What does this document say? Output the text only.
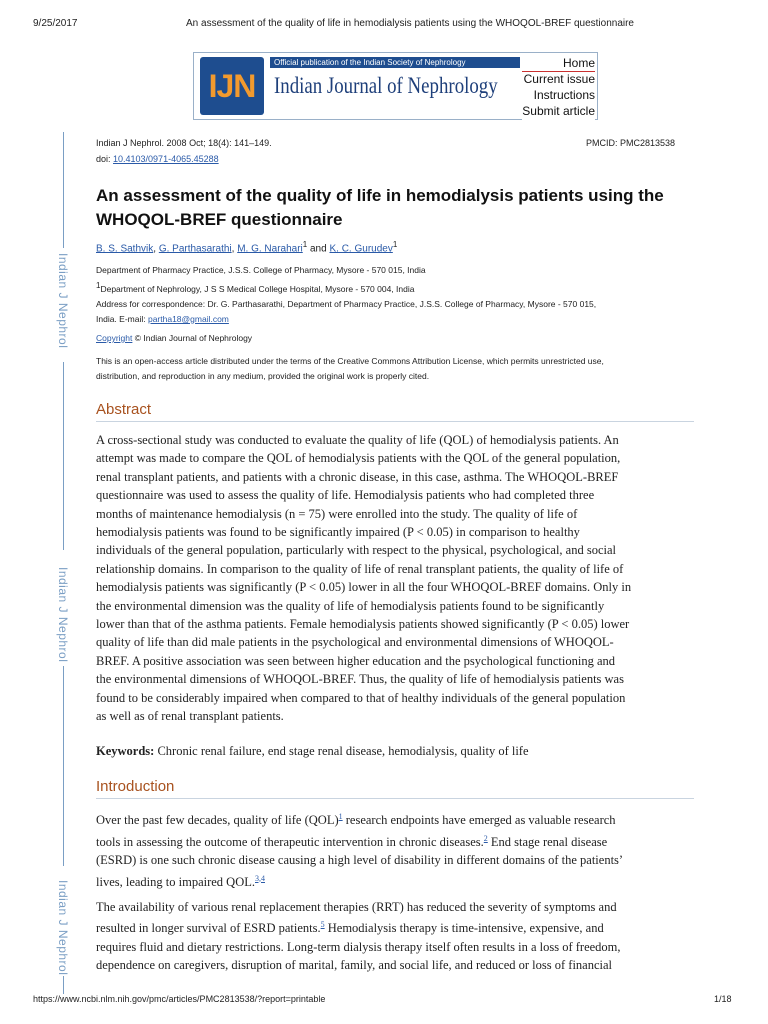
9/25/2017	An assessment of the quality of life in hemodialysis patients using the WHOQOL-BREF questionnaire
IJN
Official publication of the Indian Society of Nephrology
Indian Journal of Nephrology
Home
Current issue
Instructions
Submit article
Indian J Nephrol
Indian J Nephrol
Indian J Nephrol
Indian J Nephrol. 2008 Oct; 18(4): 141–149.	PMCID: PMC2813538
doi: 10.4103/0971-4065.45288
An assessment of the quality of life in hemodialysis patients using the
WHOQOL-BREF questionnaire
B. S. Sathvik, G. Parthasarathi, M. G. Narahari$^1$ and K. C. Gurudev$^1$
Department of Pharmacy Practice, J.S.S. College of Pharmacy, Mysore - 570 015, India
$^1$Department of Nephrology, J S S Medical College Hospital, Mysore - 570 004, India
Address for correspondence: Dr. G. Parthasarathi, Department of Pharmacy Practice, J.S.S. College of Pharmacy, Mysore - 570 015,
India. E-mail: partha18@gmail.com
Copyright © Indian Journal of Nephrology
This is an open-access article distributed under the terms of the Creative Commons Attribution License, which permits unrestricted use,
distribution, and reproduction in any medium, provided the original work is properly cited.
Abstract
A cross-sectional study was conducted to evaluate the quality of life (QOL) of hemodialysis patients. An
attempt was made to compare the QOL of hemodialysis patients with the QOL of the general population,
renal transplant patients, and patients with a chronic disease, in this case, asthma. The WHOQOL-BREF
questionnaire was used to assess the quality of life. Hemodialysis patients who had completed three
months of maintenance hemodialysis (n = 75) were enrolled into the study. The quality of life of
hemodialysis patients was found to be significantly impaired (P < 0.05) in comparison to healthy
individuals of the general population, particularly with respect to the physical, psychological, and social
relationship domains. In comparison to the quality of life of renal transplant patients, the quality of life of
hemodialysis patients was significantly (P < 0.05) lower in all the four WHOQOL-BREF domains. Only in
the environmental dimension was the quality of life of hemodialysis patients found to be significantly
lower than that of the asthma patients. Female hemodialysis patients showed significantly (P < 0.05) lower
quality of life than did male patients in the psychological and environmental dimensions of WHOQOL-
BREF. A positive association was seen between higher education and the psychological functioning and
the environmental dimensions of WHOQOL-BREF. Thus, the quality of life of hemodialysis patients was
found to be considerably impaired when compared to that of healthy individuals of the general population
as well as of renal transplant patients.
Keywords: Chronic renal failure, end stage renal disease, hemodialysis, quality of life
Introduction
Over the past few decades, quality of life (QOL)$^1$ research endpoints have emerged as valuable research
tools in assessing the outcome of therapeutic intervention in chronic diseases.$^2$ End stage renal disease
(ESRD) is one such chronic disease causing a high level of disability in different domains of the patients’
lives, leading to impaired QOL.$^{3,4}$
The availability of various renal replacement therapies (RRT) has reduced the severity of symptoms and
resulted in longer survival of ESRD patients.$^5$ Hemodialysis therapy is time-intensive, expensive, and
requires fluid and dietary restrictions. Long-term dialysis therapy itself often results in a loss of freedom,
dependence on caregivers, disruption of marital, family, and social life, and reduced or loss of financial
https://www.ncbi.nlm.nih.gov/pmc/articles/PMC2813538/?report=printable	1/18
